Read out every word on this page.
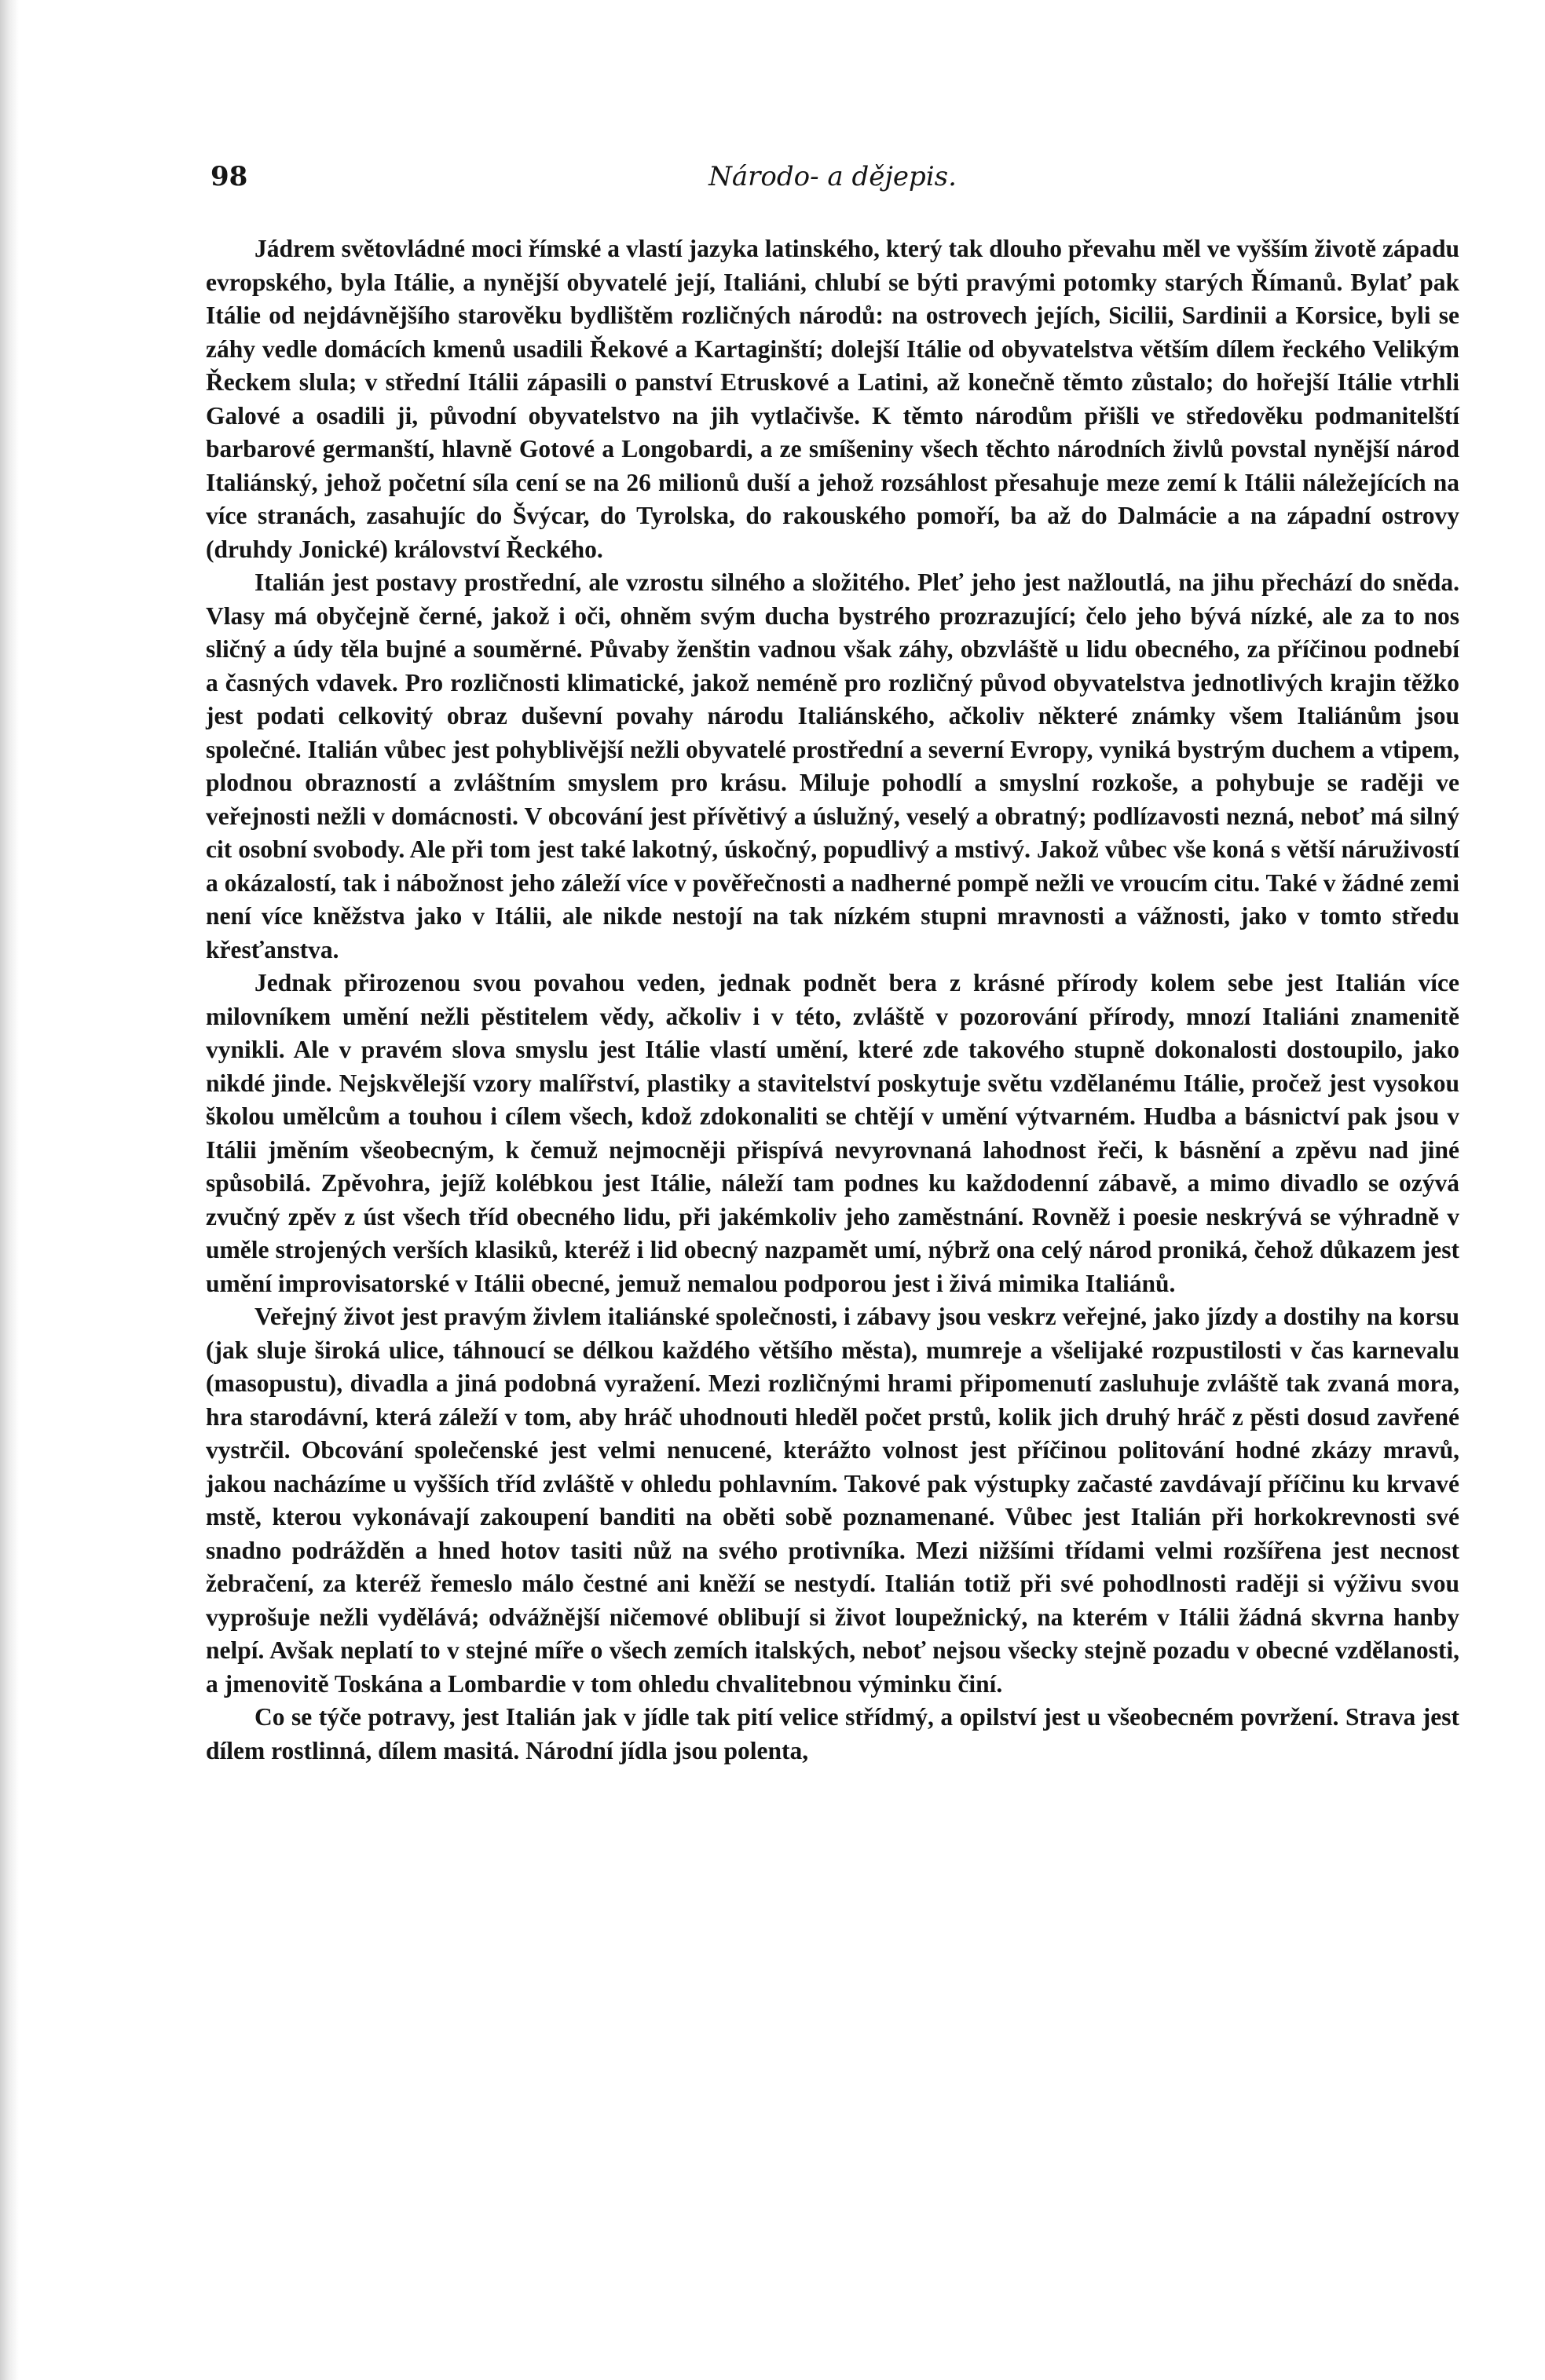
98	Národo- a dějepis.

Jádrem světovládné moci římské a vlastí jazyka latinského, který tak dlouho převahu měl ve vyšším životě západu evropského, byla Itálie, a nynější obyvatelé její, Italiáni, chlubí se býti pravými potomky starých Římanů. Bylať pak Itálie od nejdávnějšího starověku bydlištěm rozličných národů: na ostrovech jejích, Sicilii, Sardinii a Korsice, byli se záhy vedle domácích kmenů usadili Řekové a Kartaginští; dolejší Itálie od obyvatelstva větším dílem řeckého Velikým Řeckem slula; v střední Itálii zápasili o panství Etruskové a Latini, až konečně těmto zůstalo; do hořejší Itálie vtrhli Galové a osadili ji, původní obyvatelstvo na jih vytlačivše. K těmto národům přišli ve středověku podmanitelští barbarové germanští, hlavně Gotové a Longobardi, a ze smíšeniny všech těchto národních živlů povstal nynější národ Italiánský, jehož početní síla cení se na 26 milionů duší a jehož rozsáhlost přesahuje meze zemí k Itálii náležejících na více stranách, zasahujíc do Švýcar, do Tyrolska, do rakouského pomoří, ba až do Dalmácie a na západní ostrovy (druhdy Jonické) království Řeckého.

Italián jest postavy prostřední, ale vzrostu silného a složitého. Pleť jeho jest nažloutlá, na jihu přechází do sněda. Vlasy má obyčejně černé, jakož i oči, ohněm svým ducha bystrého prozrazující; čelo jeho bývá nízké, ale za to nos sličný a údy těla bujné a souměrné. Půvaby ženštin vadnou však záhy, obzvláště u lidu obecného, za příčinou podnebí a časných vdavek. Pro rozličnosti klimatické, jakož neméně pro rozličný původ obyvatelstva jednotlivých krajin těžko jest podati celkovitý obraz duševní povahy národu Italiánského, ačkoliv některé známky všem Italiánům jsou společné. Italián vůbec jest pohyblivější nežli obyvatelé prostřední a severní Evropy, vyniká bystrým duchem a vtipem, plodnou obrazností a zvláštním smyslem pro krásu. Miluje pohodlí a smyslní rozkoše, a pohybuje se raději ve veřejnosti nežli v domácnosti. V obcování jest přívětivý a úslužný, veselý a obratný; podlízavosti nezná, neboť má silný cit osobní svobody. Ale při tom jest také lakotný, úskočný, popudlivý a mstivý. Jakož vůbec vše koná s větší náruživostí a okázalostí, tak i nábožnost jeho záleží více v pověřečnosti a nadherné pompě nežli ve vroucím citu. Také v žádné zemi není více kněžstva jako v Itálii, ale nikde nestojí na tak nízkém stupni mravnosti a vážnosti, jako v tomto středu křesťanstva.

Jednak přirozenou svou povahou veden, jednak podnět bera z krásné přírody kolem sebe jest Italián více milovníkem umění nežli pěstitelem vědy, ačkoliv i v této, zvláště v pozorování přírody, mnozí Italiáni znamenitě vynikli. Ale v pravém slova smyslu jest Itálie vlastí umění, které zde takového stupně dokonalosti dostoupilo, jako nikdé jinde. Nejskvělejší vzory malířství, plastiky a stavitelství poskytuje světu vzdělanému Itálie, pročež jest vysokou školou umělcům a touhou i cílem všech, kdož zdokonaliti se chtějí v umění výtvarném. Hudba a básnictví pak jsou v Itálii jměním všeobecným, k čemuž nejmocněji přispívá nevyrovnaná lahodnost řeči, k básnění a zpěvu nad jiné spůsobilá. Zpěvohra, jejíž kolébkou jest Itálie, náleží tam podnes ku každodenní zábavě, a mimo divadlo se ozývá zvučný zpěv z úst všech tříd obecného lidu, při jakémkoliv jeho zaměstnání. Rovněž i poesie neskrývá se výhradně v uměle strojených verších klasiků, kteréž i lid obecný nazpamět umí, nýbrž ona celý národ proniká, čehož důkazem jest umění improvisatorské v Itálii obecné, jemuž nemalou podporou jest i živá mimika Italiánů.

Veřejný život jest pravým živlem italiánské společnosti, i zábavy jsou veskrz veřejné, jako jízdy a dostihy na korsu (jak sluje široká ulice, táhnoucí se délkou každého většího města), mumreje a všelijaké rozpustilosti v čas karnevalu (masopustu), divadla a jiná podobná vyražení. Mezi rozličnými hrami připomenutí zasluhuje zvláště tak zvaná mora, hra starodávní, která záleží v tom, aby hráč uhodnouti hleděl počet prstů, kolik jich druhý hráč z pěsti dosud zavřené vystrčil. Obcování společenské jest velmi nenucené, kterážto volnost jest příčinou politování hodné zkázy mravů, jakou nacházíme u vyšších tříd zvláště v ohledu pohlavním. Takové pak výstupky začasté zavdávají příčinu ku krvavé mstě, kterou vykonávají zakoupení banditi na oběti sobě poznamenané. Vůbec jest Italián při horkokrevnosti své snadno podrážděn a hned hotov tasiti nůž na svého protivníka. Mezi nižšími třídami velmi rozšířena jest necnost žebračení, za kteréž řemeslo málo čestné ani kněží se nestydí. Italián totiž při své pohodlnosti raději si výživu svou vyprošuje nežli vydělává; odvážnější ničemové oblibují si život loupežnický, na kterém v Itálii žádná skvrna hanby nelpí. Avšak neplatí to v stejné míře o všech zemích italských, neboť nejsou všecky stejně pozadu v obecné vzdělanosti, a jmenovitě Toskána a Lombardie v tom ohledu chvalitebnou výminku činí.

Co se týče potravy, jest Italián jak v jídle tak pití velice střídmý, a opilství jest u všeobecném povržení. Strava jest dílem rostlinná, dílem masitá. Národní jídla jsou polenta,
